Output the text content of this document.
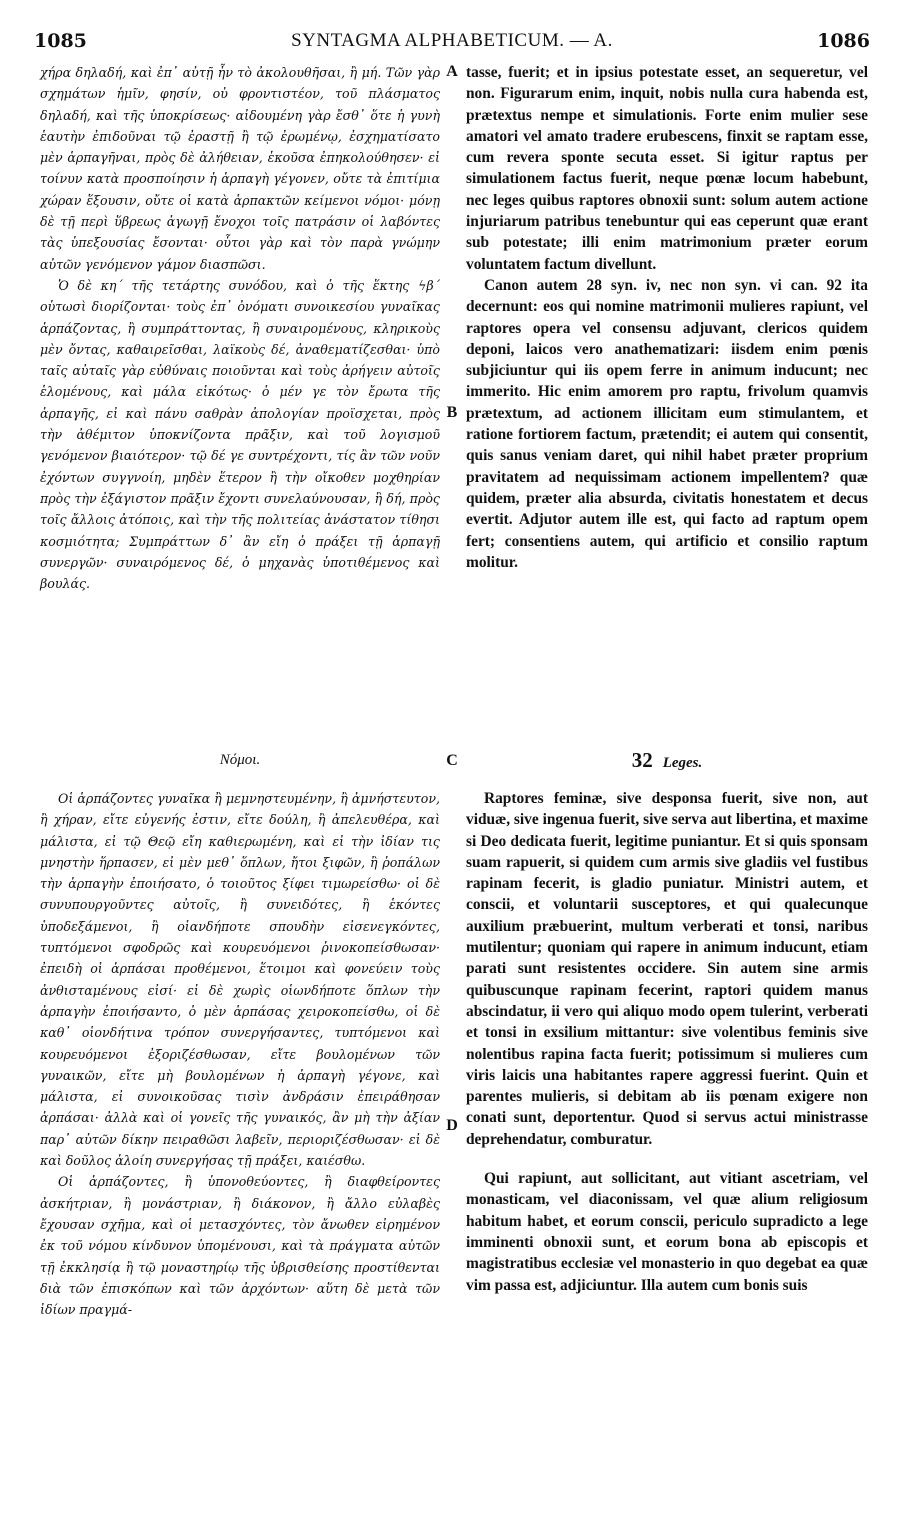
1085	SYNTAGMA ALPHABETICUM. — A.	1086

χήρα δηλαδή, καὶ ἐπ᾽ αὐτῇ ἦν τὸ ἀκολουθῆσαι, ἢ μή. Τῶν γὰρ σχημάτων ἡμῖν, φησίν, οὐ φροντιστέον, τοῦ πλάσματος δηλαδή, καὶ τῆς ὑποκρίσεως· αἰδουμένη γὰρ ἔσθ᾽ ὅτε ἡ γυνὴ ἑαυτὴν ἐπιδοῦναι τῷ ἐραστῇ ἢ τῷ ἐρωμένῳ, ἐσχηματίσατο μὲν ἁρπαγῆναι, πρὸς δὲ ἀλήθειαν, ἑκοῦσα ἐπηκολούθησεν· εἰ τοίνυν κατὰ προσποίησιν ἡ ἁρπαγὴ γέγονεν, οὔτε τὰ ἐπιτίμια χώραν ἕξουσιν, οὔτε οἱ κατὰ ἁρπακτῶν κείμενοι νόμοι· μόνῃ δὲ τῇ περὶ ὕβρεως ἀγωγῇ ἔνοχοι τοῖς πατράσιν οἱ λαβόντες τὰς ὑπεξουσίας ἔσονται· οὗτοι γὰρ καὶ τὸν παρὰ γνώμην αὐτῶν γενόμενον γάμον διασπῶσι.

Ὁ δὲ κη´ τῆς τετάρτης συνόδου, καὶ ὁ τῆς ἕκτης ϟβ´ οὑτωσὶ διορίζονται· τοὺς ἐπ᾽ ὀνόματι συνοικεσίου γυναῖκας ἁρπάζοντας, ἢ συμπράττοντας, ἢ συναιρομένους, κληρικοὺς μὲν ὄντας, καθαιρεῖσθαι, λαϊκοὺς δέ, ἀναθεματίζεσθαι· ὑπὸ ταῖς αὐταῖς γὰρ εὐθύναις ποιοῦνται καὶ τοὺς ἀρήγειν αὐτοῖς ἑλομένους, καὶ μάλα εἰκότως· ὁ μέν γε τὸν ἔρωτα τῆς ἁρπαγῆς, εἰ καὶ πάνυ σαθρὰν ἀπολογίαν προϊσχεται, πρὸς τὴν ἀθέμιτον ὑποκνίζοντα πρᾶξιν, καὶ τοῦ λογισμοῦ γενόμενον βιαιότερον· τῷ δέ γε συντρέχοντι, τίς ἂν τῶν νοῦν ἐχόντων συγγνοίη, μηδὲν ἕτερον ἢ τὴν οἴκοθεν μοχθηρίαν πρὸς τὴν ἐξάγιστον πρᾶξιν ἔχοντι συνελαύνουσαν, ἣ δή, πρὸς τοῖς ἄλλοις ἀτόποις, καὶ τὴν τῆς πολιτείας ἀνάστατον τίθησι κοσμιότητα; Συμπράττων δ᾽ ἂν εἴη ὁ πράξει τῇ ἁρπαγῇ συνεργῶν· συναιρόμενος δέ, ὁ μηχανὰς ὑποτιθέμενος καὶ βουλάς.

tasse, fuerit; et in ipsius potestate esset, an sequeretur, vel non. Figurarum enim, inquit, nobis nulla cura habenda est, prætextus nempe et simulationis. Forte enim mulier sese amatori vel amato tradere erubescens, finxit se raptam esse, cum revera sponte secuta esset. Si igitur raptus per simulationem factus fuerit, neque pœnæ locum habebunt, nec leges quibus raptores obnoxii sunt: solum autem actione injuriarum patribus tenebuntur qui eas ceperunt quæ erant sub potestate; illi enim matrimonium præter eorum voluntatem factum divellunt.

Canon autem 28 syn. iv, nec non syn. vi can. 92 ita decernunt: eos qui nomine matrimonii mulieres rapiunt, vel raptores opera vel consensu adjuvant, clericos quidem deponi, laicos vero anathematizari: iisdem enim pœnis subjiciuntur qui iis opem ferre in animum inducunt; nec immerito. Hic enim amorem pro raptu, frivolum quamvis prætextum, ad actionem illicitam eum stimulantem, et ratione fortiorem factum, prætendit; ei autem qui consentit, quis sanus veniam daret, qui nihil habet præter proprium pravitatem ad nequissimam actionem impellentem? quæ quidem, præter alia absurda, civitatis honestatem et decus evertit. Adjutor autem ille est, qui facto ad raptum opem fert; consentiens autem, qui artificio et consilio raptum molitur.

A
B
C
D
Νόμοι.	32 Leges.

Οἱ ἁρπάζοντες γυναῖκα ἢ μεμνηστευμένην, ἢ ἀμνήστευτον, ἢ χήραν, εἴτε εὐγενής ἐστιν, εἴτε δούλη, ἢ ἀπελευθέρα, καὶ μάλιστα, εἰ τῷ Θεῷ εἴη καθιερωμένη, καὶ εἰ τὴν ἰδίαν τις μνηστὴν ἥρπασεν, εἰ μὲν μεθ᾽ ὅπλων, ἤτοι ξιφῶν, ἢ ῥοπάλων τὴν ἁρπαγὴν ἐποιήσατο, ὁ τοιοῦτος ξίφει τιμωρείσθω· οἱ δὲ συνυπουργοῦντες αὐτοῖς, ἢ συνειδότες, ἢ ἑκόντες ὑποδεξάμενοι, ἢ οἱανδήποτε σπουδὴν εἰσενεγκόντες, τυπτόμενοι σφοδρῶς καὶ κουρευόμενοι ῥινοκοπείσθωσαν· ἐπειδὴ οἱ ἁρπάσαι προθέμενοι, ἕτοιμοι καὶ φονεύειν τοὺς ἀνθισταμένους εἰσί· εἰ δὲ χωρὶς οἱωνδήποτε ὅπλων τὴν ἁρπαγὴν ἐποιήσαντο, ὁ μὲν ἁρπάσας χειροκοπείσθω, οἱ δὲ καθ᾽ οἱονδήτινα τρόπον συνεργήσαντες, τυπτόμενοι καὶ κουρευόμενοι ἐξοριζέσθωσαν, εἴτε βουλομένων τῶν γυναικῶν, εἴτε μὴ βουλομένων ἡ ἁρπαγὴ γέγονε, καὶ μάλιστα, εἰ συνοικοῦσας τισὶν ἀνδράσιν ἐπειράθησαν ἁρπάσαι· ἀλλὰ καὶ οἱ γονεῖς τῆς γυναικός, ἂν μὴ τὴν ἀξίαν παρ᾽ αὐτῶν δίκην πειραθῶσι λαβεῖν, περιοριζέσθωσαν· εἰ δὲ καὶ δοῦλος ἁλοίη συνεργήσας τῇ πράξει, καιέσθω.

Οἱ ἁρπάζοντες, ἢ ὑπονοθεύοντες, ἢ διαφθείροντες ἀσκήτριαν, ἢ μονάστριαν, ἢ διάκονον, ἢ ἄλλο εὐλαβὲς ἔχουσαν σχῆμα, καὶ οἱ μετασχόντες, τὸν ἄνωθεν εἰρημένον ἐκ τοῦ νόμου κίνδυνον ὑπομένουσι, καὶ τὰ πράγματα αὐτῶν τῇ ἐκκλησίᾳ ἢ τῷ μοναστηρίῳ τῆς ὑβρισθείσης προστίθενται διὰ τῶν ἐπισκόπων καὶ τῶν ἀρχόντων· αὕτη δὲ μετὰ τῶν ἰδίων πραγμά-

Raptores feminæ, sive desponsa fuerit, sive non, aut viduæ, sive ingenua fuerit, sive serva aut libertina, et maxime si Deo dedicata fuerit, legitime puniantur. Et si quis sponsam suam rapuerit, si quidem cum armis sive gladiis vel fustibus rapinam fecerit, is gladio puniatur. Ministri autem, et conscii, et voluntarii susceptores, et qui qualecunque auxilium præbuerint, multum verberati et tonsi, naribus mutilentur; quoniam qui rapere in animum inducunt, etiam parati sunt resistentes occidere. Sin autem sine armis quibuscunque rapinam fecerint, raptori quidem manus abscindatur, ii vero qui aliquo modo opem tulerint, verberati et tonsi in exsilium mittantur: sive volentibus feminis sive nolentibus rapina facta fuerit; potissimum si mulieres cum viris laicis una habitantes rapere aggressi fuerint. Quin et parentes mulieris, si debitam ab iis pœnam exigere non conati sunt, deportentur. Quod si servus actui ministrasse deprehendatur, comburatur.

Qui rapiunt, aut sollicitant, aut vitiant ascetriam, vel monasticam, vel diaconissam, vel quæ alium religiosum habitum habet, et eorum conscii, periculo supradicto a lege imminenti obnoxii sunt, et eorum bona ab episcopis et magistratibus ecclesiæ vel monasterio in quo degebat ea quæ vim passa est, adjiciuntur. Illa autem cum bonis suis
